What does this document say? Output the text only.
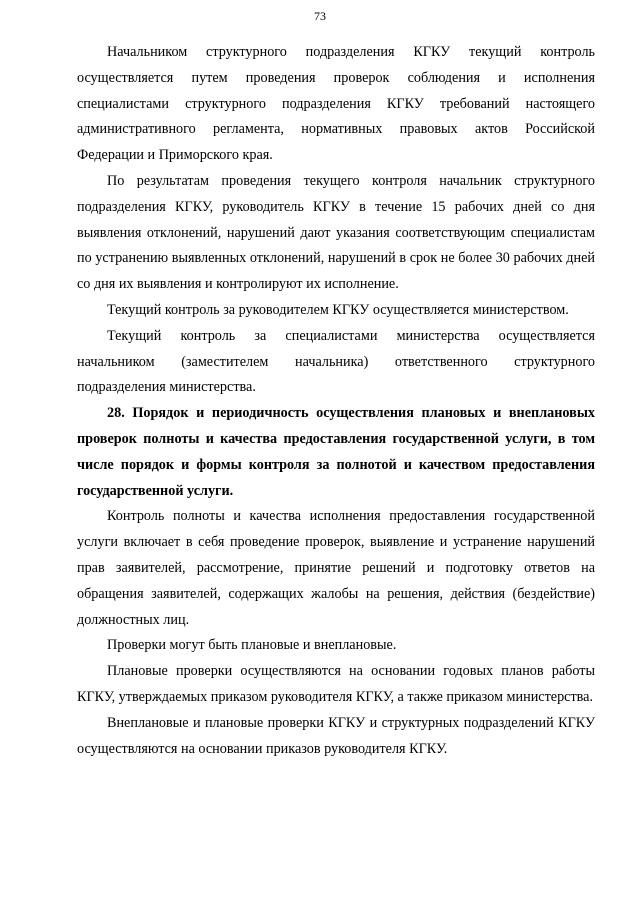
73

Начальником структурного подразделения КГКУ текущий контроль осуществляется путем проведения проверок соблюдения и исполнения специалистами структурного подразделения КГКУ требований настоящего административного регламента, нормативных правовых актов Российской Федерации и Приморского края.

По результатам проведения текущего контроля начальник структурного подразделения КГКУ, руководитель КГКУ в течение 15 рабочих дней со дня выявления отклонений, нарушений дают указания соответствующим специалистам по устранению выявленных отклонений, нарушений в срок не более 30 рабочих дней со дня их выявления и контролируют их исполнение.

Текущий контроль за руководителем КГКУ осуществляется министерством.

Текущий контроль за специалистами министерства осуществляется начальником (заместителем начальника) ответственного структурного подразделения министерства.

28. Порядок и периодичность осуществления плановых и внеплановых проверок полноты и качества предоставления государственной услуги, в том числе порядок и формы контроля за полнотой и качеством предоставления государственной услуги.

Контроль полноты и качества исполнения предоставления государственной услуги включает в себя проведение проверок, выявление и устранение нарушений прав заявителей, рассмотрение, принятие решений и подготовку ответов на обращения заявителей, содержащих жалобы на решения, действия (бездействие) должностных лиц.

Проверки могут быть плановые и внеплановые.

Плановые проверки осуществляются на основании годовых планов работы КГКУ, утверждаемых приказом руководителя КГКУ, а также приказом министерства.

Внеплановые и плановые проверки КГКУ и структурных подразделений КГКУ осуществляются на основании приказов руководителя КГКУ.
